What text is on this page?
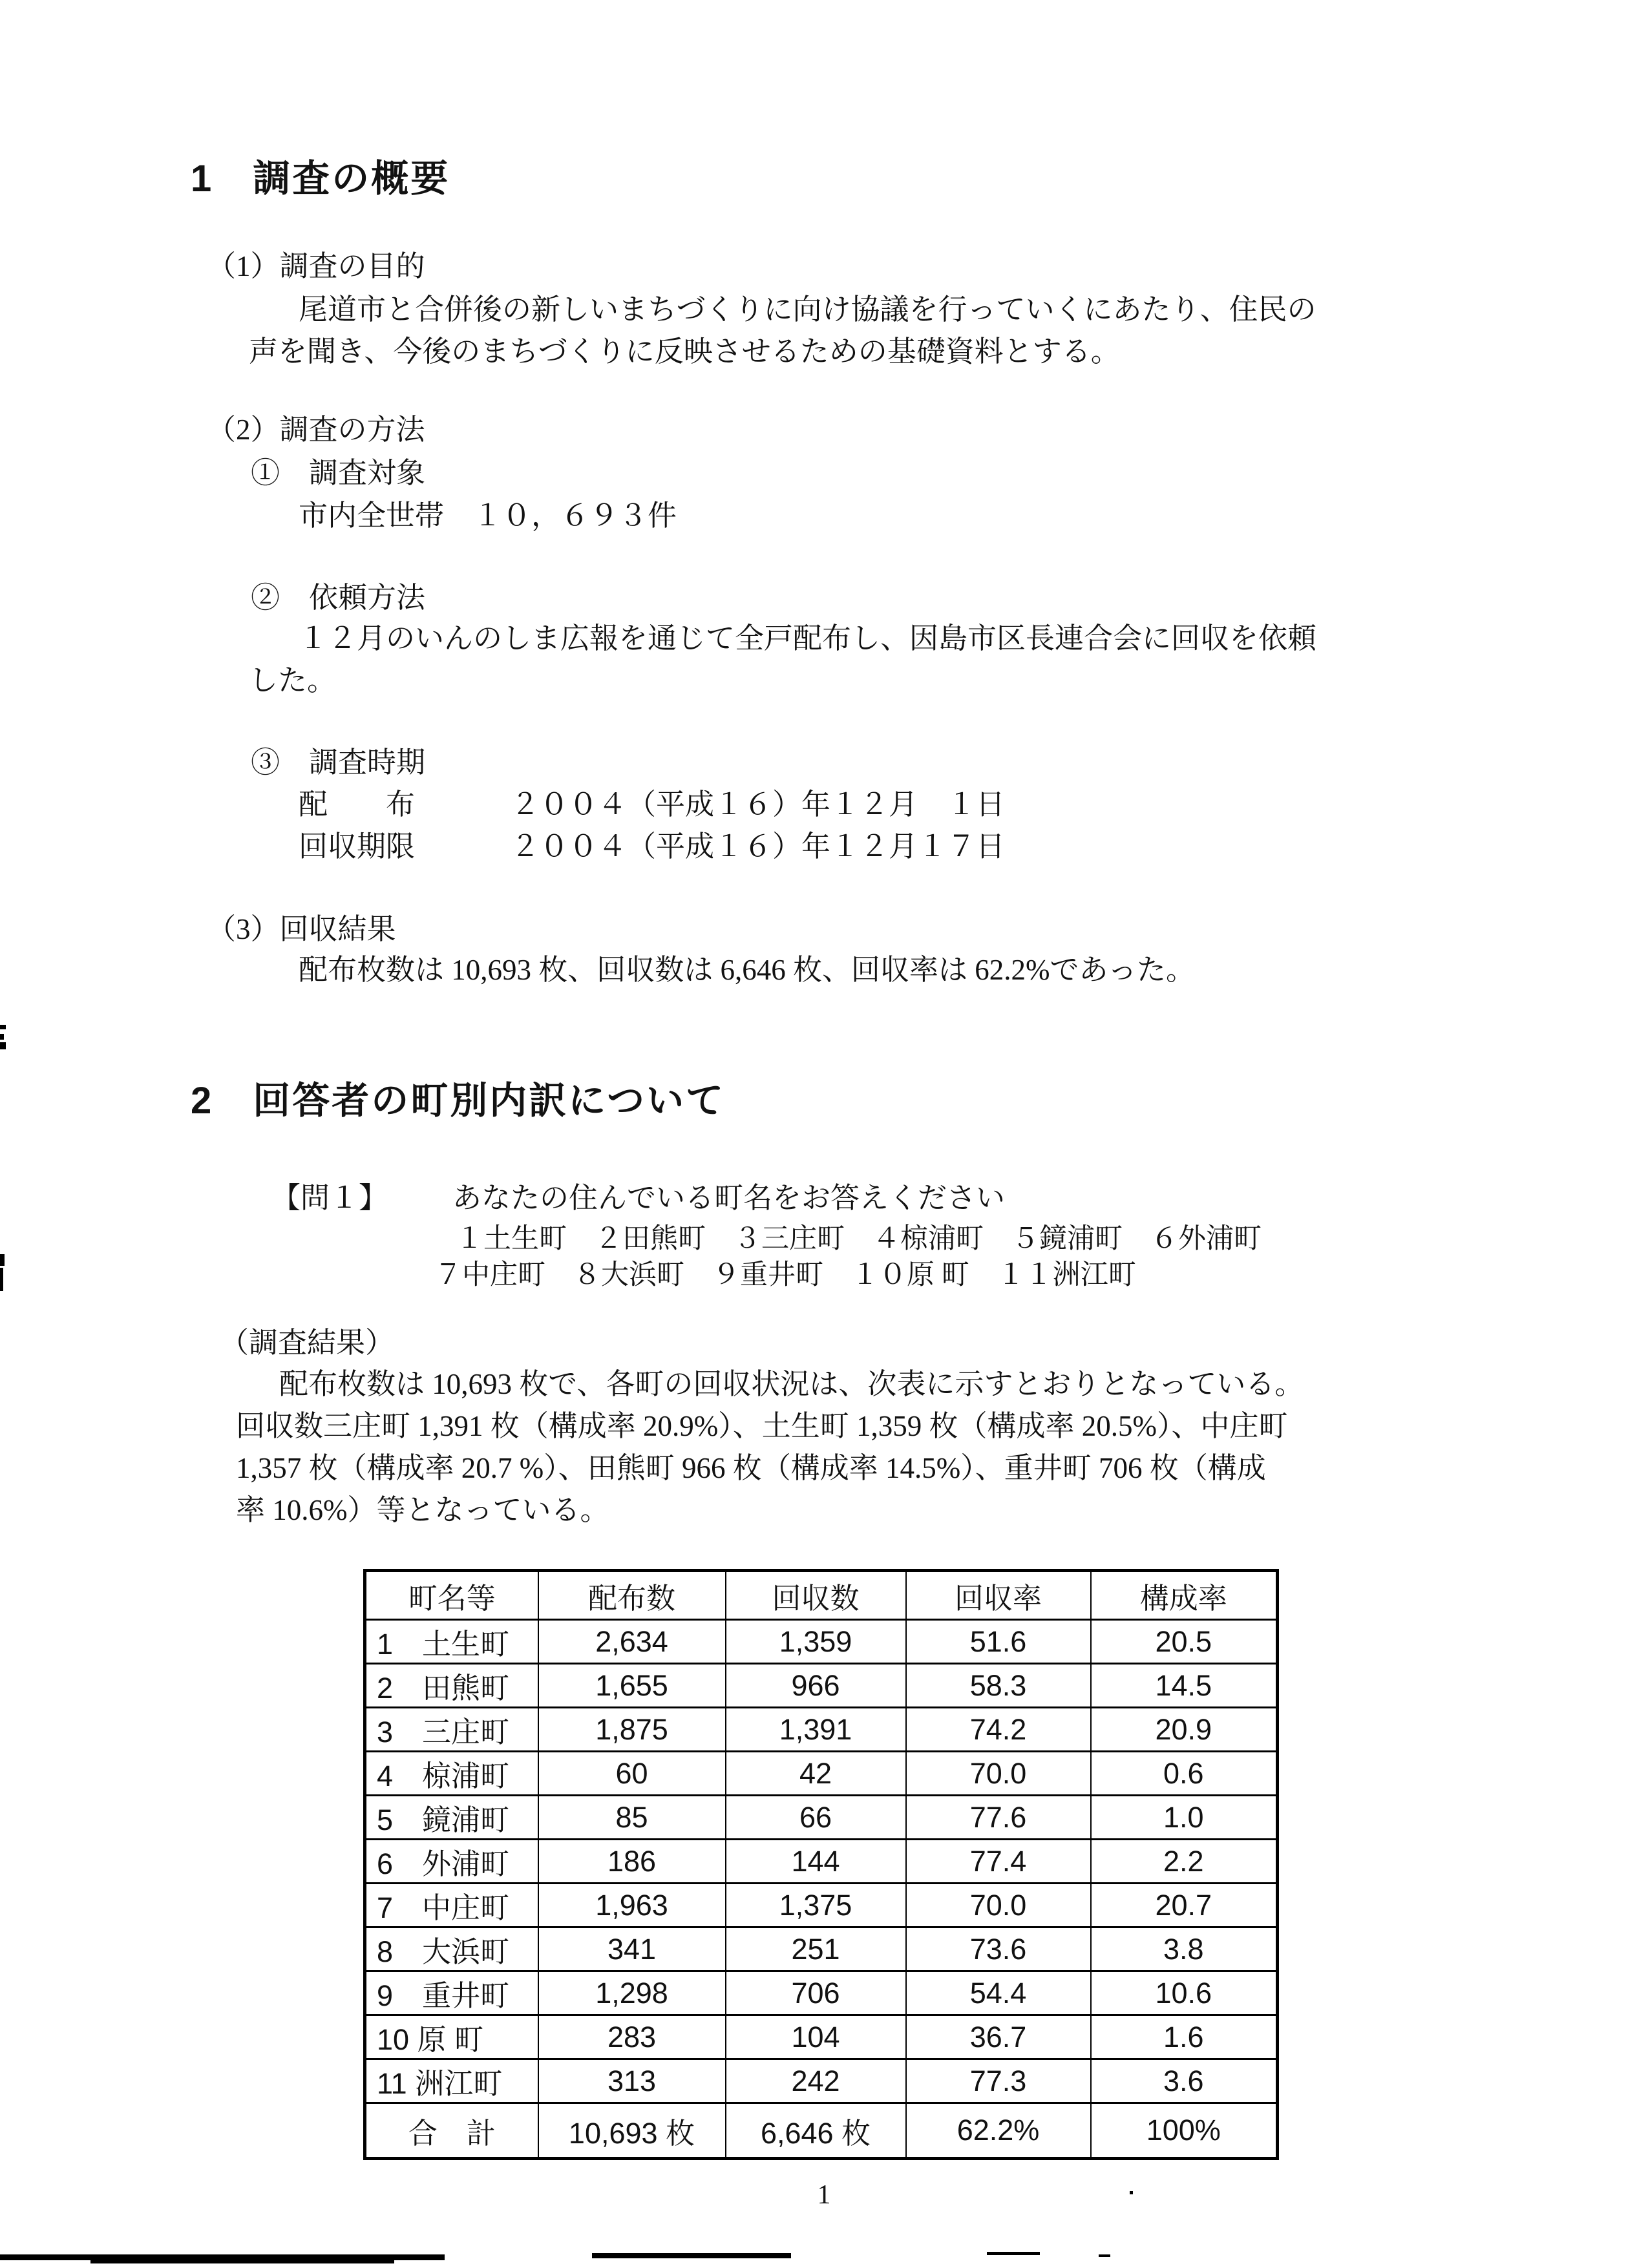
1　調査の概要
（1）調査の目的
尾道市と合併後の新しいまちづくりに向け協議を行っていくにあたり、住民の
声を聞き、今後のまちづくりに反映させるための基礎資料とする。
（2）調査の方法
①　調査対象
市内全世帯　１０，６９３件
②　依頼方法
１２月のいんのしま広報を通じて全戸配布し、因島市区長連合会に回収を依頼
した。
③　調査時期
配　　布	２００４（平成１６）年１２月　１日
回収期限	２００４（平成１６）年１２月１７日
（3）回収結果
配布枚数は 10,693 枚、回収数は 6,646 枚、回収率は 62.2%であった。
2　回答者の町別内訳について
【問１】 あなたの住んでいる町名をお答えください
１土生町　２田熊町　３三庄町　４椋浦町　５鏡浦町　６外浦町
７中庄町　８大浜町　９重井町　１０原 町　１１洲江町
（調査結果）
配布枚数は 10,693 枚で、各町の回収状況は、次表に示すとおりとなっている。
回収数三庄町 1,391 枚（構成率 20.9%）、土生町 1,359 枚（構成率 20.5%）、中庄町
1,357 枚（構成率 20.7 %）、田熊町 966 枚（構成率 14.5%）、重井町 706 枚（構成
率 10.6%）等となっている。
町名等	配布数	回収数	回収率	構成率
1　土生町	2,634	1,359	51.6	20.5
2　田熊町	1,655	966	58.3	14.5
3　三庄町	1,875	1,391	74.2	20.9
4　椋浦町	60	42	70.0	0.6
5　鏡浦町	85	66	77.6	1.0
6　外浦町	186	144	77.4	2.2
7　中庄町	1,963	1,375	70.0	20.7
8　大浜町	341	251	73.6	3.8
9　重井町	1,298	706	54.4	10.6
10 原 町	283	104	36.7	1.6
11 洲江町	313	242	77.3	3.6
合　計	10,693 枚	6,646 枚	62.2%	100%
1
